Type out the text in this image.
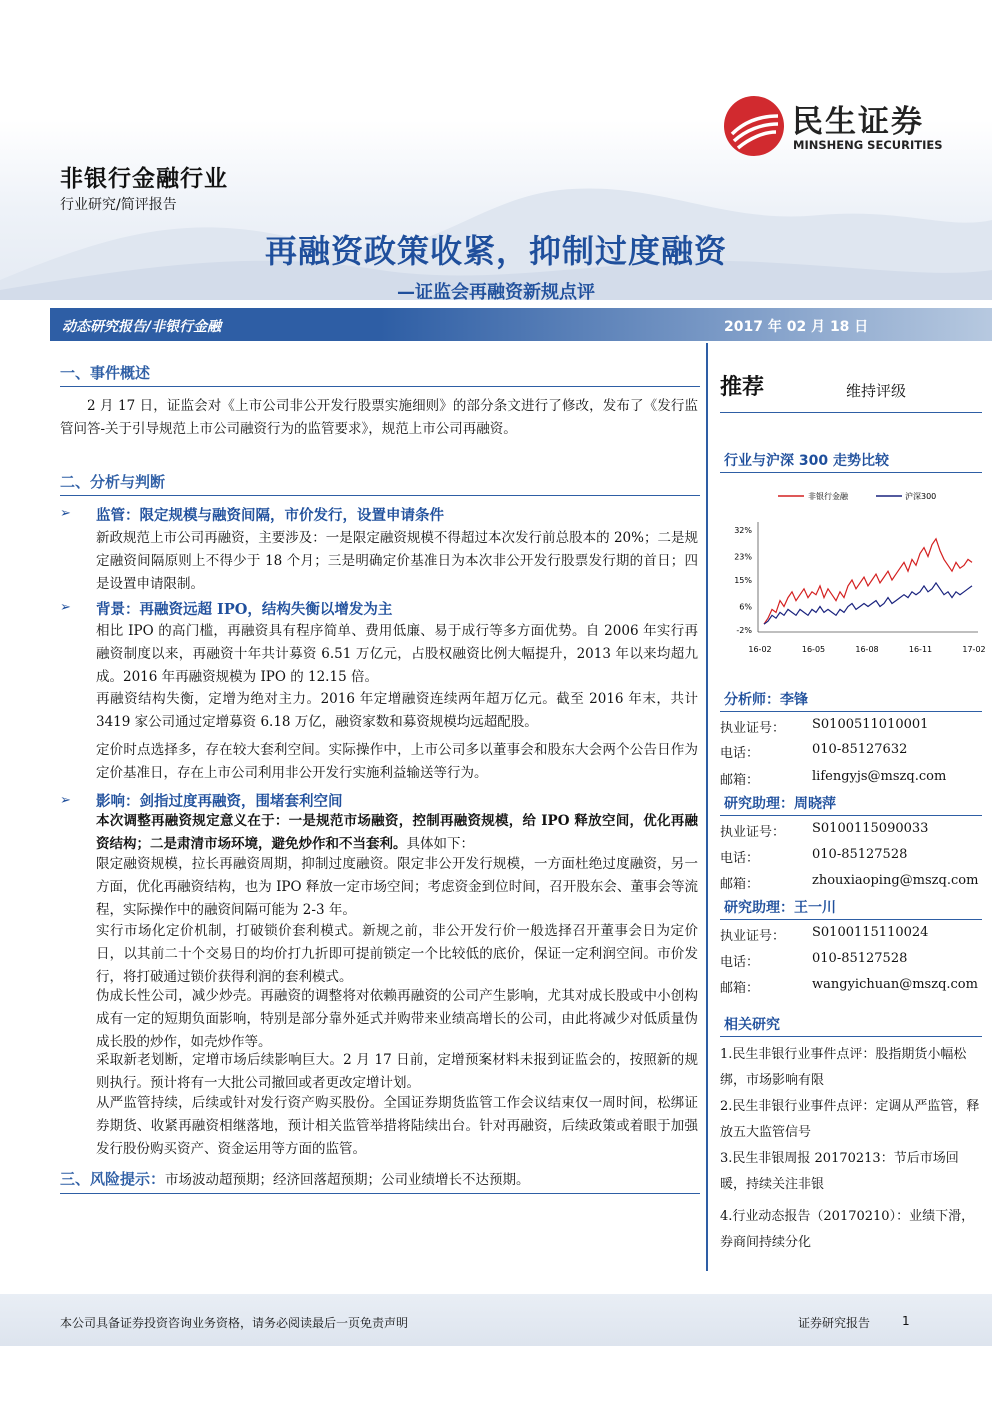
民生证券
MINSHENG SECURITIES
非银行金融行业
行业研究/简评报告
再融资政策收紧，抑制过度融资
—证监会再融资新规点评
动态研究报告/非银行金融	2017 年 02 月 18 日
一、事件概述
2 月 17 日，证监会对《上市公司非公开发行股票实施细则》的部分条文进行了修改，发布了《发行监管问答-关于引导规范上市公司融资行为的监管要求》，规范上市公司再融资。
二、分析与判断
➢ 监管：限定规模与融资间隔，市价发行，设置申请条件
新政规范上市公司再融资，主要涉及：一是限定融资规模不得超过本次发行前总股本的 20%；二是规定融资间隔原则上不得少于 18 个月；三是明确定价基准日为本次非公开发行股票发行期的首日；四是设置申请限制。
➢ 背景：再融资远超 IPO，结构失衡以增发为主
相比 IPO 的高门槛，再融资具有程序简单、费用低廉、易于成行等多方面优势。自 2006 年实行再融资制度以来，再融资十年共计募资 6.51 万亿元，占股权融资比例大幅提升，2013 年以来均超九成。2016 年再融资规模为 IPO 的 12.15 倍。
再融资结构失衡，定增为绝对主力。2016 年定增融资连续两年超万亿元。截至 2016 年末，共计 3419 家公司通过定增募资 6.18 万亿，融资家数和募资规模均远超配股。
定价时点选择多，存在较大套利空间。实际操作中，上市公司多以董事会和股东大会两个公告日作为定价基准日，存在上市公司利用非公开发行实施利益输送等行为。
➢ 影响：剑指过度再融资，围堵套利空间
本次调整再融资规定意义在于：一是规范市场融资，控制再融资规模，给 IPO 释放空间，优化再融资结构；二是肃清市场环境，避免炒作和不当套利。具体如下：
限定融资规模，拉长再融资周期，抑制过度融资。限定非公开发行规模，一方面杜绝过度融资，另一方面，优化再融资结构，也为 IPO 释放一定市场空间；考虑资金到位时间，召开股东会、董事会等流程，实际操作中的融资间隔可能为 2-3 年。
实行市场化定价机制，打破锁价套利模式。新规之前，非公开发行价一般选择召开董事会日为定价日，以其前二十个交易日的均价打九折即可提前锁定一个比较低的底价，保证一定利润空间。市价发行，将打破通过锁价获得利润的套利模式。
伪成长性公司，减少炒壳。再融资的调整将对依赖再融资的公司产生影响，尤其对成长股或中小创构成有一定的短期负面影响，特别是部分靠外延式并购带来业绩高增长的公司，由此将减少对低质量伪成长股的炒作，如壳炒作等。
采取新老划断，定增市场后续影响巨大。2 月 17 日前，定增预案材料未报到证监会的，按照新的规则执行。预计将有一大批公司撤回或者更改定增计划。
从严监管持续，后续或针对发行资产购买股份。全国证券期货监管工作会议结束仅一周时间，松绑证券期货、收紧再融资相继落地，预计相关监管举措将陆续出台。针对再融资，后续政策或着眼于加强发行股份购买资产、资金运用等方面的监管。
三、风险提示：市场波动超预期；经济回落超预期；公司业绩增长不达预期。
推荐	维持评级
行业与沪深 300 走势比较
非银行金融	沪深300
32%
23%
15%
6%
-2%
16-02	16-05	16-08	16-11	17-02
分析师：李锋
执业证号： S0100511010001
电话：	010-85127632
邮箱：	lifengyjs@mszq.com
研究助理：周晓萍
执业证号： S0100115090033
电话：	010-85127528
邮箱：	zhouxiaoping@mszq.com
研究助理：王一川
执业证号： S0100115110024
电话：	010-85127528
邮箱：	wangyichuan@mszq.com
相关研究
1.民生非银行业事件点评：股指期货小幅松绑，市场影响有限
2.民生非银行业事件点评：定调从严监管，释放五大监管信号
3.民生非银周报 20170213：节后市场回暖，持续关注非银
4.行业动态报告（20170210）：业绩下滑，券商间持续分化
本公司具备证券投资咨询业务资格，请务必阅读最后一页免责声明	证券研究报告	1
